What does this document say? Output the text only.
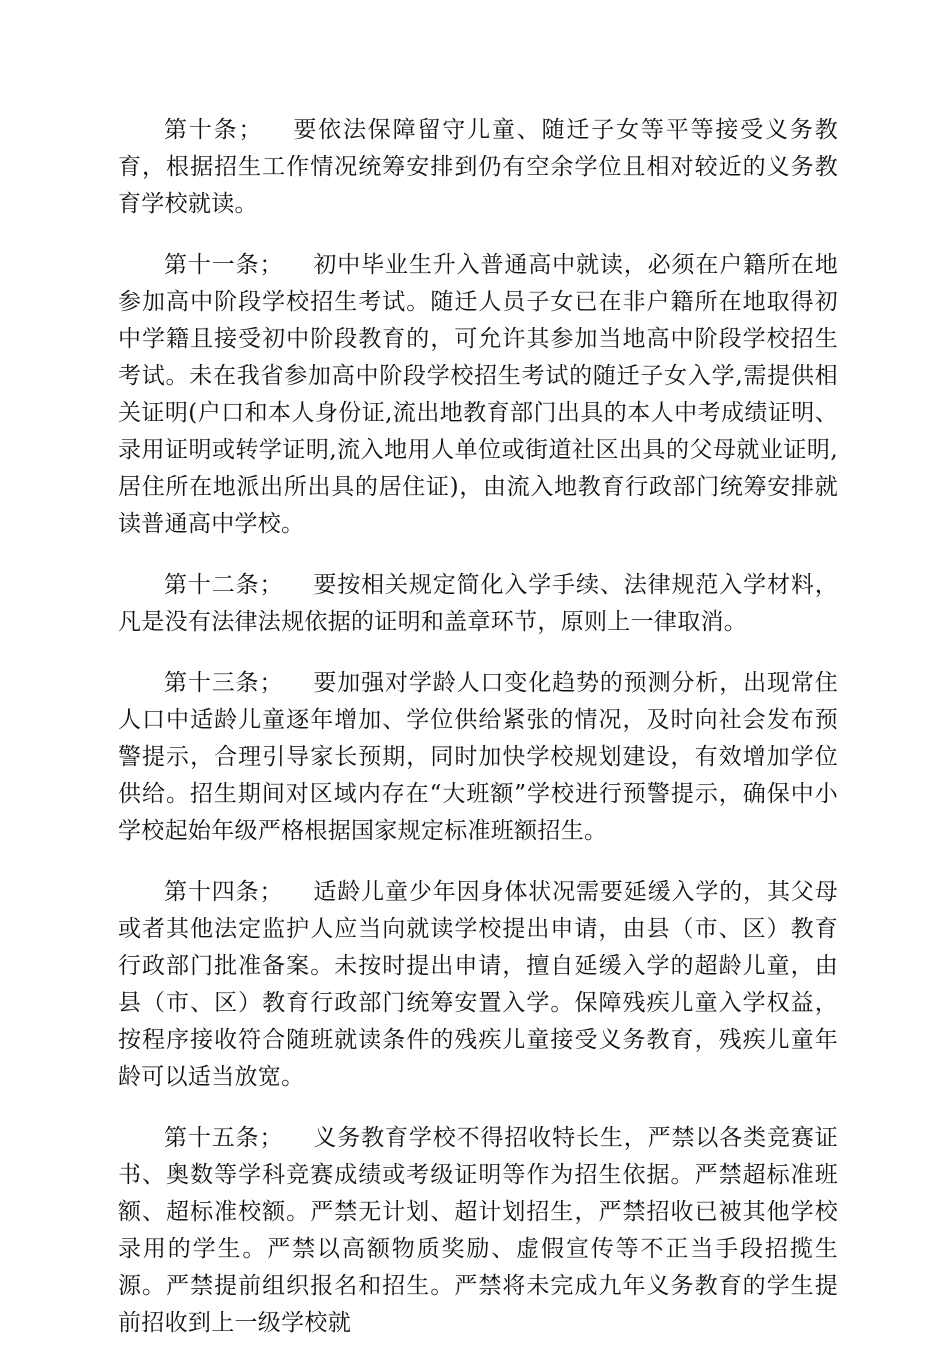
第十条； 要依法保障留守儿童、随迁子女等平等接受义务教育，根据招生工作情况统筹安排到仍有空余学位且相对较近的义务教育学校就读。

第十一条； 初中毕业生升入普通高中就读，必须在户籍所在地参加高中阶段学校招生考试。随迁人员子女已在非户籍所在地取得初中学籍且接受初中阶段教育的，可允许其参加当地高中阶段学校招生考试。未在我省参加高中阶段学校招生考试的随迁子女入学,需提供相关证明(户口和本人身份证,流出地教育部门出具的本人中考成绩证明、录用证明或转学证明,流入地用人单位或街道社区出具的父母就业证明,居住所在地派出所出具的居住证)，由流入地教育行政部门统筹安排就读普通高中学校。

第十二条； 要按相关规定简化入学手续、法律规范入学材料，凡是没有法律法规依据的证明和盖章环节，原则上一律取消。

第十三条； 要加强对学龄人口变化趋势的预测分析，出现常住人口中适龄儿童逐年增加、学位供给紧张的情况，及时向社会发布预警提示，合理引导家长预期，同时加快学校规划建设，有效增加学位供给。招生期间对区域内存在“大班额”学校进行预警提示，确保中小学校起始年级严格根据国家规定标准班额招生。

第十四条； 适龄儿童少年因身体状况需要延缓入学的，其父母或者其他法定监护人应当向就读学校提出申请，由县（市、区）教育行政部门批准备案。未按时提出申请，擅自延缓入学的超龄儿童，由县（市、区）教育行政部门统筹安置入学。保障残疾儿童入学权益，按程序接收符合随班就读条件的残疾儿童接受义务教育，残疾儿童年龄可以适当放宽。

第十五条； 义务教育学校不得招收特长生，严禁以各类竞赛证书、奥数等学科竞赛成绩或考级证明等作为招生依据。严禁超标准班额、超标准校额。严禁无计划、超计划招生，严禁招收已被其他学校录用的学生。严禁以高额物质奖励、虚假宣传等不正当手段招揽生源。严禁提前组织报名和招生。严禁将未完成九年义务教育的学生提前招收到上一级学校就
